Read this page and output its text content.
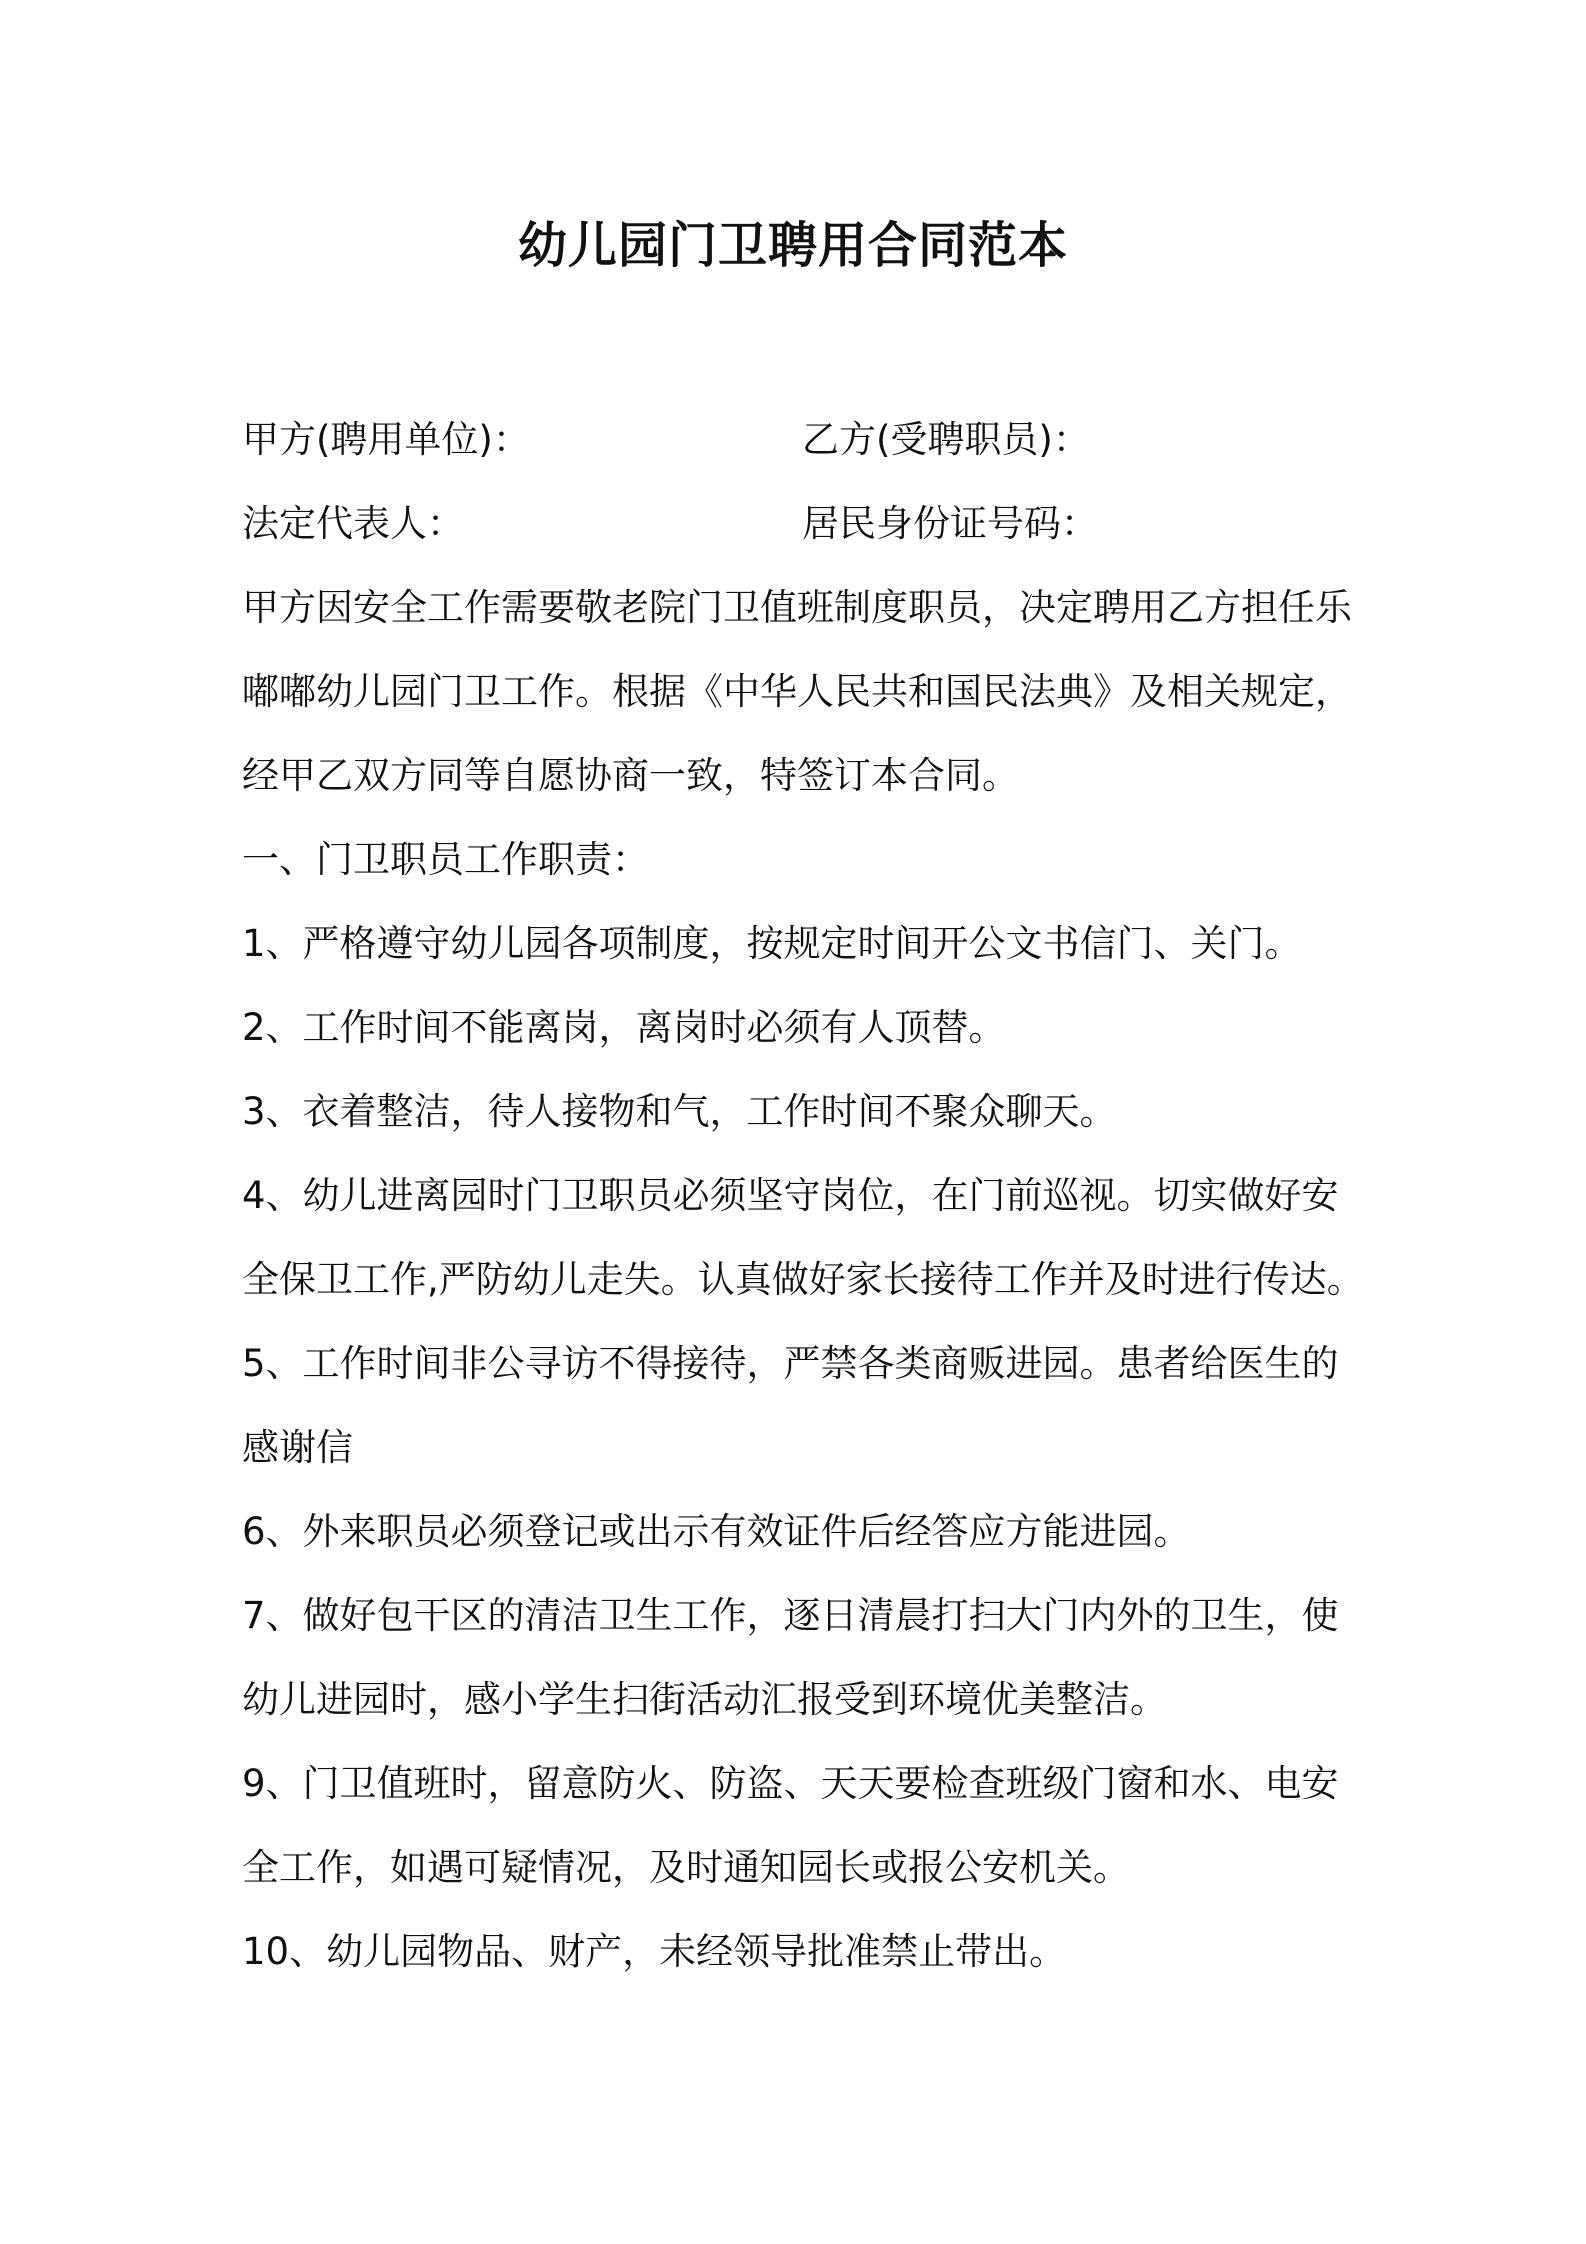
幼儿园门卫聘用合同范本
甲方(聘用单位)：	乙方(受聘职员)：
法定代表人：	居民身份证号码：
甲方因安全工作需要敬老院门卫值班制度职员，决定聘用乙方担任乐
嘟嘟幼儿园门卫工作。根据《中华人民共和国民法典》及相关规定，
经甲乙双方同等自愿协商一致，特签订本合同。
一、门卫职员工作职责：
1、严格遵守幼儿园各项制度，按规定时间开公文书信门、关门。
2、工作时间不能离岗，离岗时必须有人顶替。
3、衣着整洁，待人接物和气，工作时间不聚众聊天。
4、幼儿进离园时门卫职员必须坚守岗位，在门前巡视。切实做好安
全保卫工作,严防幼儿走失。认真做好家长接待工作并及时进行传达。
5、工作时间非公寻访不得接待，严禁各类商贩进园。患者给医生的
感谢信
6、外来职员必须登记或出示有效证件后经答应方能进园。
7、做好包干区的清洁卫生工作，逐日清晨打扫大门内外的卫生，使
幼儿进园时，感小学生扫街活动汇报受到环境优美整洁。
9、门卫值班时，留意防火、防盗、天天要检查班级门窗和水、电安
全工作，如遇可疑情况，及时通知园长或报公安机关。
10、幼儿园物品、财产，未经领导批准禁止带出。
